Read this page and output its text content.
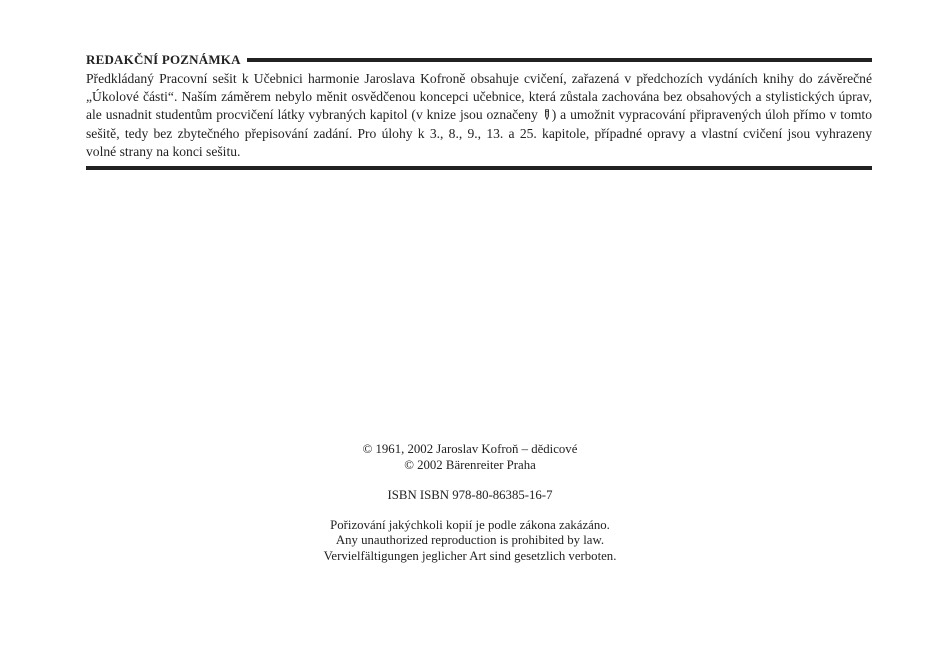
REDAKČNÍ POZNÁMKA
Předkládaný Pracovní sešit k Učebnici harmonie Jaroslava Kofroně obsahuje cvičení, zařazená v předchozích vydáních knihy do závěrečné
„Úkolové části“. Naším záměrem nebylo měnit osvědčenou koncepci učebnice, která zůstala zachována bez obsahových a stylistických úprav,
ale usnadnit studentům procvičení látky vybraných kapitol (v knize jsou označeny ) a umožnit vypracování připravených úloh přímo v tomto
sešitě, tedy bez zbytečného přepisování zadání. Pro úlohy k 3., 8., 9., 13. a 25. kapitole, případné opravy a vlastní cvičení jsou vyhrazeny
volné strany na konci sešitu.
© 1961, 2002 Jaroslav Kofroň – dědicové
© 2002 Bärenreiter Praha
ISBN ISBN 978-80-86385-16-7
Pořizování jakýchkoli kopií je podle zákona zakázáno.
Any unauthorized reproduction is prohibited by law.
Vervielfältigungen jeglicher Art sind gesetzlich verboten.
